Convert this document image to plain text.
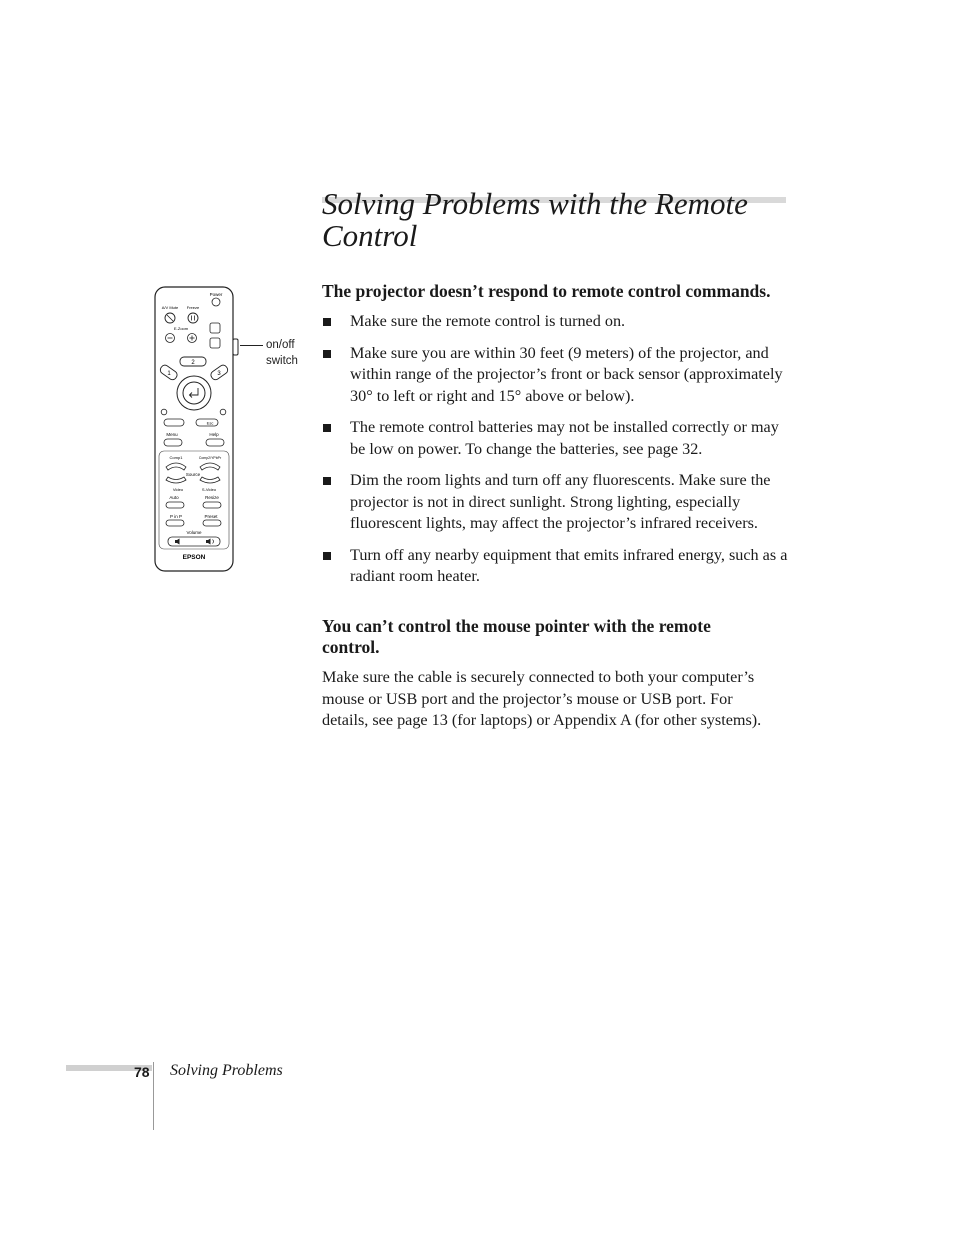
Solving Problems with the Remote Control
Power
A/V Mute Freeze
E-Zoom
2
1	3
Esc
Menu	Help
Comp1	Comp2/YPbPr
Source
Video	S-Video
Auto	Resize
P in P	Preset
Volume
EPSON
on/off
switch
The projector doesn’t respond to remote control commands.
Make sure the remote control is turned on.
Make sure you are within 30 feet (9 meters) of the projector, and within range of the projector’s front or back sensor (approximately 30° to left or right and 15° above or below).
The remote control batteries may not be installed correctly or may be low on power. To change the batteries, see page 32.
Dim the room lights and turn off any fluorescents. Make sure the projector is not in direct sunlight. Strong lighting, especially fluorescent lights, may affect the projector’s infrared receivers.
Turn off any nearby equipment that emits infrared energy, such as a radiant room heater.
You can’t control the mouse pointer with the remote control.

Make sure the cable is securely connected to both your computer’s mouse or USB port and the projector’s mouse or USB port. For details, see page 13 (for laptops) or Appendix A (for other systems).

78 Solving Problems
